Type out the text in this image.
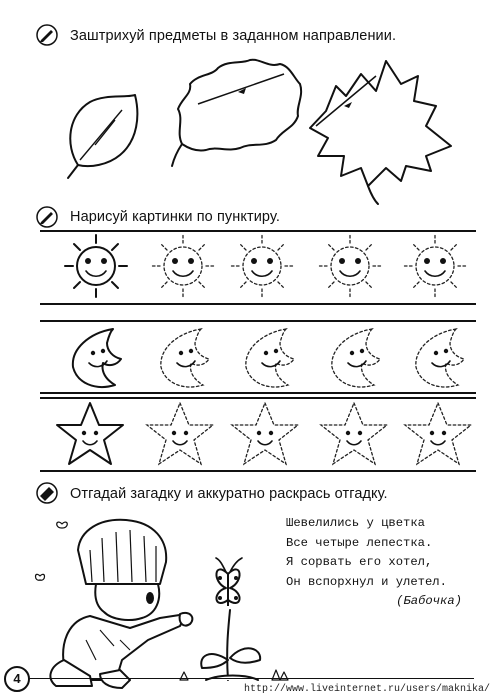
Заштрихуй предметы в заданном направлении.
Нарисуй картинки по пунктиру.
Отгадай загадку и аккуратно раскрась отгадку.
Шевелились у цветка
Все четыре лепестка.
Я сорвать его хотел,
Он вспорхнул и улетел.
(Бабочка)
4
http://www.liveinternet.ru/users/maknika/
